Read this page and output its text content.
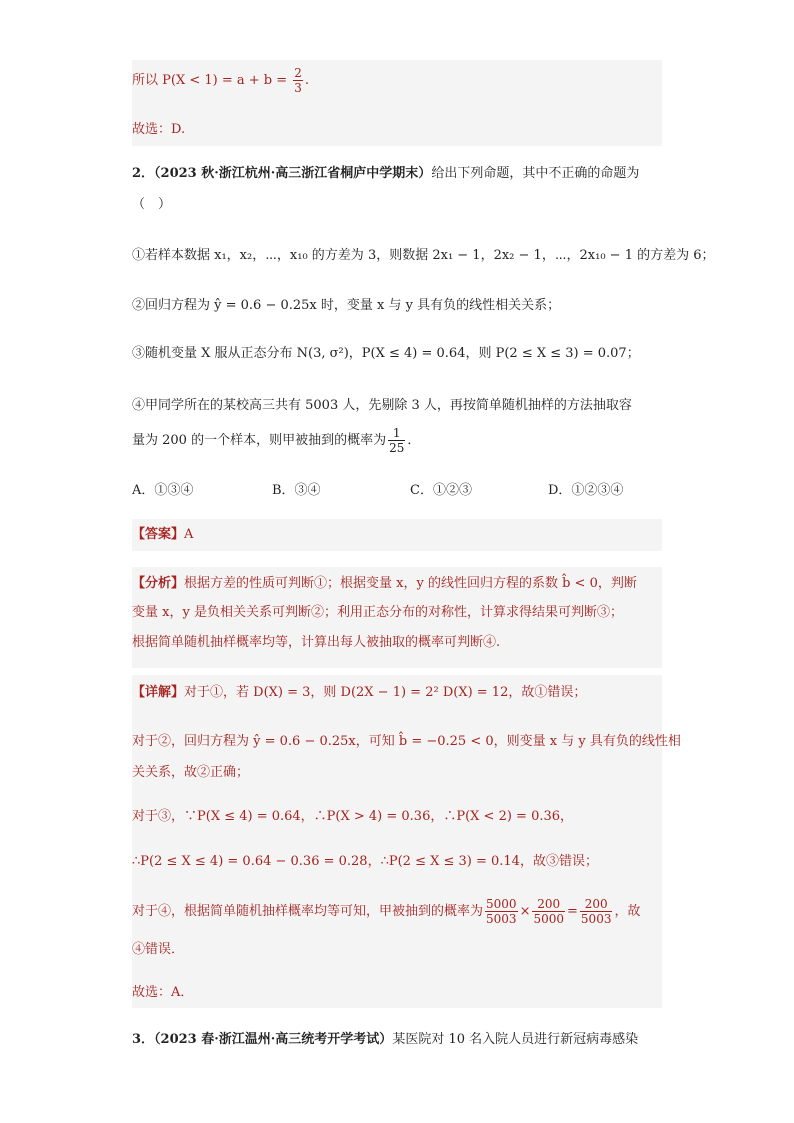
所以 $P(X < 1) = a + b = \frac{2}{3}$ .
故选：D.
2．（2023 秋·浙江杭州·高三浙江省桐庐中学期末）给出下列命题，其中不正确的命题为
（　）
①若样本数据 x₁，x₂，⋯，x₁₀ 的方差为 3，则数据 2x₁ − 1，2x₂ − 1，⋯，2x₁₀ − 1 的方差为 6；
②回归方程为 ŷ = 0.6 − 0.25x 时，变量 x 与 y 具有负的线性相关关系；
③随机变量 X 服从正态分布 N(3, σ²)，P(X ≤ 4) = 0.64，则 P(2 ≤ X ≤ 3) = 0.07；
④甲同学所在的某校高三共有 5003 人，先剔除 3 人，再按简单随机抽样的方法抽取容
量为 200 的一个样本，则甲被抽到的概率为 $\frac{1}{25}$ ．
A．①③④	B．③④	C．①②③	D．①②③④
【答案】A
【分析】根据方差的性质可判断①；根据变量 x，y 的线性回归方程的系数 b̂ < 0，判断
变量 x，y 是负相关关系可判断②；利用正态分布的对称性，计算求得结果可判断③；
根据简单随机抽样概率均等，计算出每人被抽取的概率可判断④.
【详解】对于①，若 D(X) = 3，则 D(2X − 1) = 2² D(X) = 12，故①错误；
对于②，回归方程为 ŷ = 0.6 − 0.25x，可知 b̂ = −0.25 < 0，则变量 x 与 y 具有负的线性相
关关系，故②正确；
对于③，∵P(X ≤ 4) = 0.64，∴P(X > 4) = 0.36，∴P(X < 2) = 0.36，
∴P(2 ≤ X ≤ 4) = 0.64 − 0.36 = 0.28，∴P(2 ≤ X ≤ 3) = 0.14，故③错误；
对于④，根据简单随机抽样概率均等可知，甲被抽到的概率为 $\frac{5000}{5003} \times \frac{200}{5000} = \frac{200}{5003}$ ，故
④错误．
故选：A．
3．（2023 春·浙江温州·高三统考开学考试）某医院对 10 名入院人员进行新冠病毒感染
